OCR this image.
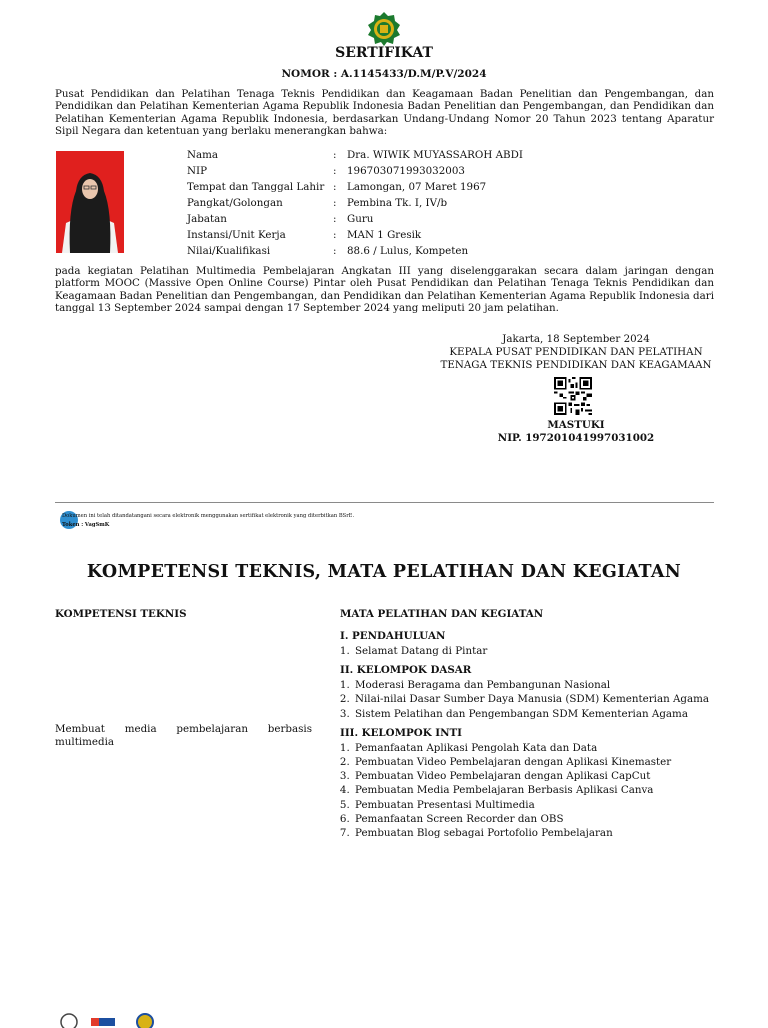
SERTIFIKAT
NOMOR : A.1145433/D.M/P.V/2024
Pusat Pendidikan dan Pelatihan Tenaga Teknis Pendidikan dan Keagamaan Badan Penelitian dan Pengembangan, dan Pendidikan dan Pelatihan Kementerian Agama Republik Indonesia Badan Penelitian dan Pengembangan, dan Pendidikan dan Pelatihan Kementerian Agama Republik Indonesia, berdasarkan Undang-Undang Nomor 20 Tahun 2023 tentang Aparatur Sipil Negara dan ketentuan yang berlaku menerangkan bahwa:
Nama	:	Dra. WIWIK MUYASSAROH ABDI
NIP	:	196703071993032003
Tempat dan Tanggal Lahir :	Lamongan, 07 Maret 1967
Pangkat/Golongan	:	Pembina Tk. I, IV/b
Jabatan	:	Guru
Instansi/Unit Kerja	:	MAN 1 Gresik
Nilai/Kualifikasi	:	88.6 / Lulus, Kompeten
pada kegiatan Pelatihan Multimedia Pembelajaran Angkatan III yang diselenggarakan secara dalam jaringan dengan platform MOOC (Massive Open Online Course) Pintar oleh Pusat Pendidikan dan Pelatihan Tenaga Teknis Pendidikan dan Keagamaan Badan Penelitian dan Pengembangan, dan Pendidikan dan Pelatihan Kementerian Agama Republik Indonesia dari tanggal 13 September 2024 sampai dengan 17 September 2024 yang meliputi 20 jam pelatihan.
Jakarta, 18 September 2024
KEPALA PUSAT PENDIDIKAN DAN PELATIHAN
TENAGA TEKNIS PENDIDIKAN DAN KEAGAMAAN
MASTUKI
NIP. 197201041997031002
Dokumen ini telah ditandatangani secara elektronik menggunakan sertifikat elektronik yang diterbitkan BSrE.
Token : VagSmK
KOMPETENSI TEKNIS, MATA PELATIHAN DAN KEGIATAN
KOMPETENSI TEKNIS	MATA PELATIHAN DAN KEGIATAN
Membuat media pembelajaran berbasis
multimedia
I. PENDAHULUAN
1. Selamat Datang di Pintar
II. KELOMPOK DASAR
1. Moderasi Beragama dan Pembangunan Nasional
2. Nilai-nilai Dasar Sumber Daya Manusia (SDM) Kementerian Agama
3. Sistem Pelatihan dan Pengembangan SDM Kementerian Agama
III. KELOMPOK INTI
1. Pemanfaatan Aplikasi Pengolah Kata dan Data
2. Pembuatan Video Pembelajaran dengan Aplikasi Kinemaster
3. Pembuatan Video Pembelajaran dengan Aplikasi CapCut
4. Pembuatan Media Pembelajaran Berbasis Aplikasi Canva
5. Pembuatan Presentasi Multimedia
6. Pemanfaatan Screen Recorder dan OBS
7. Pembuatan Blog sebagai Portofolio Pembelajaran
